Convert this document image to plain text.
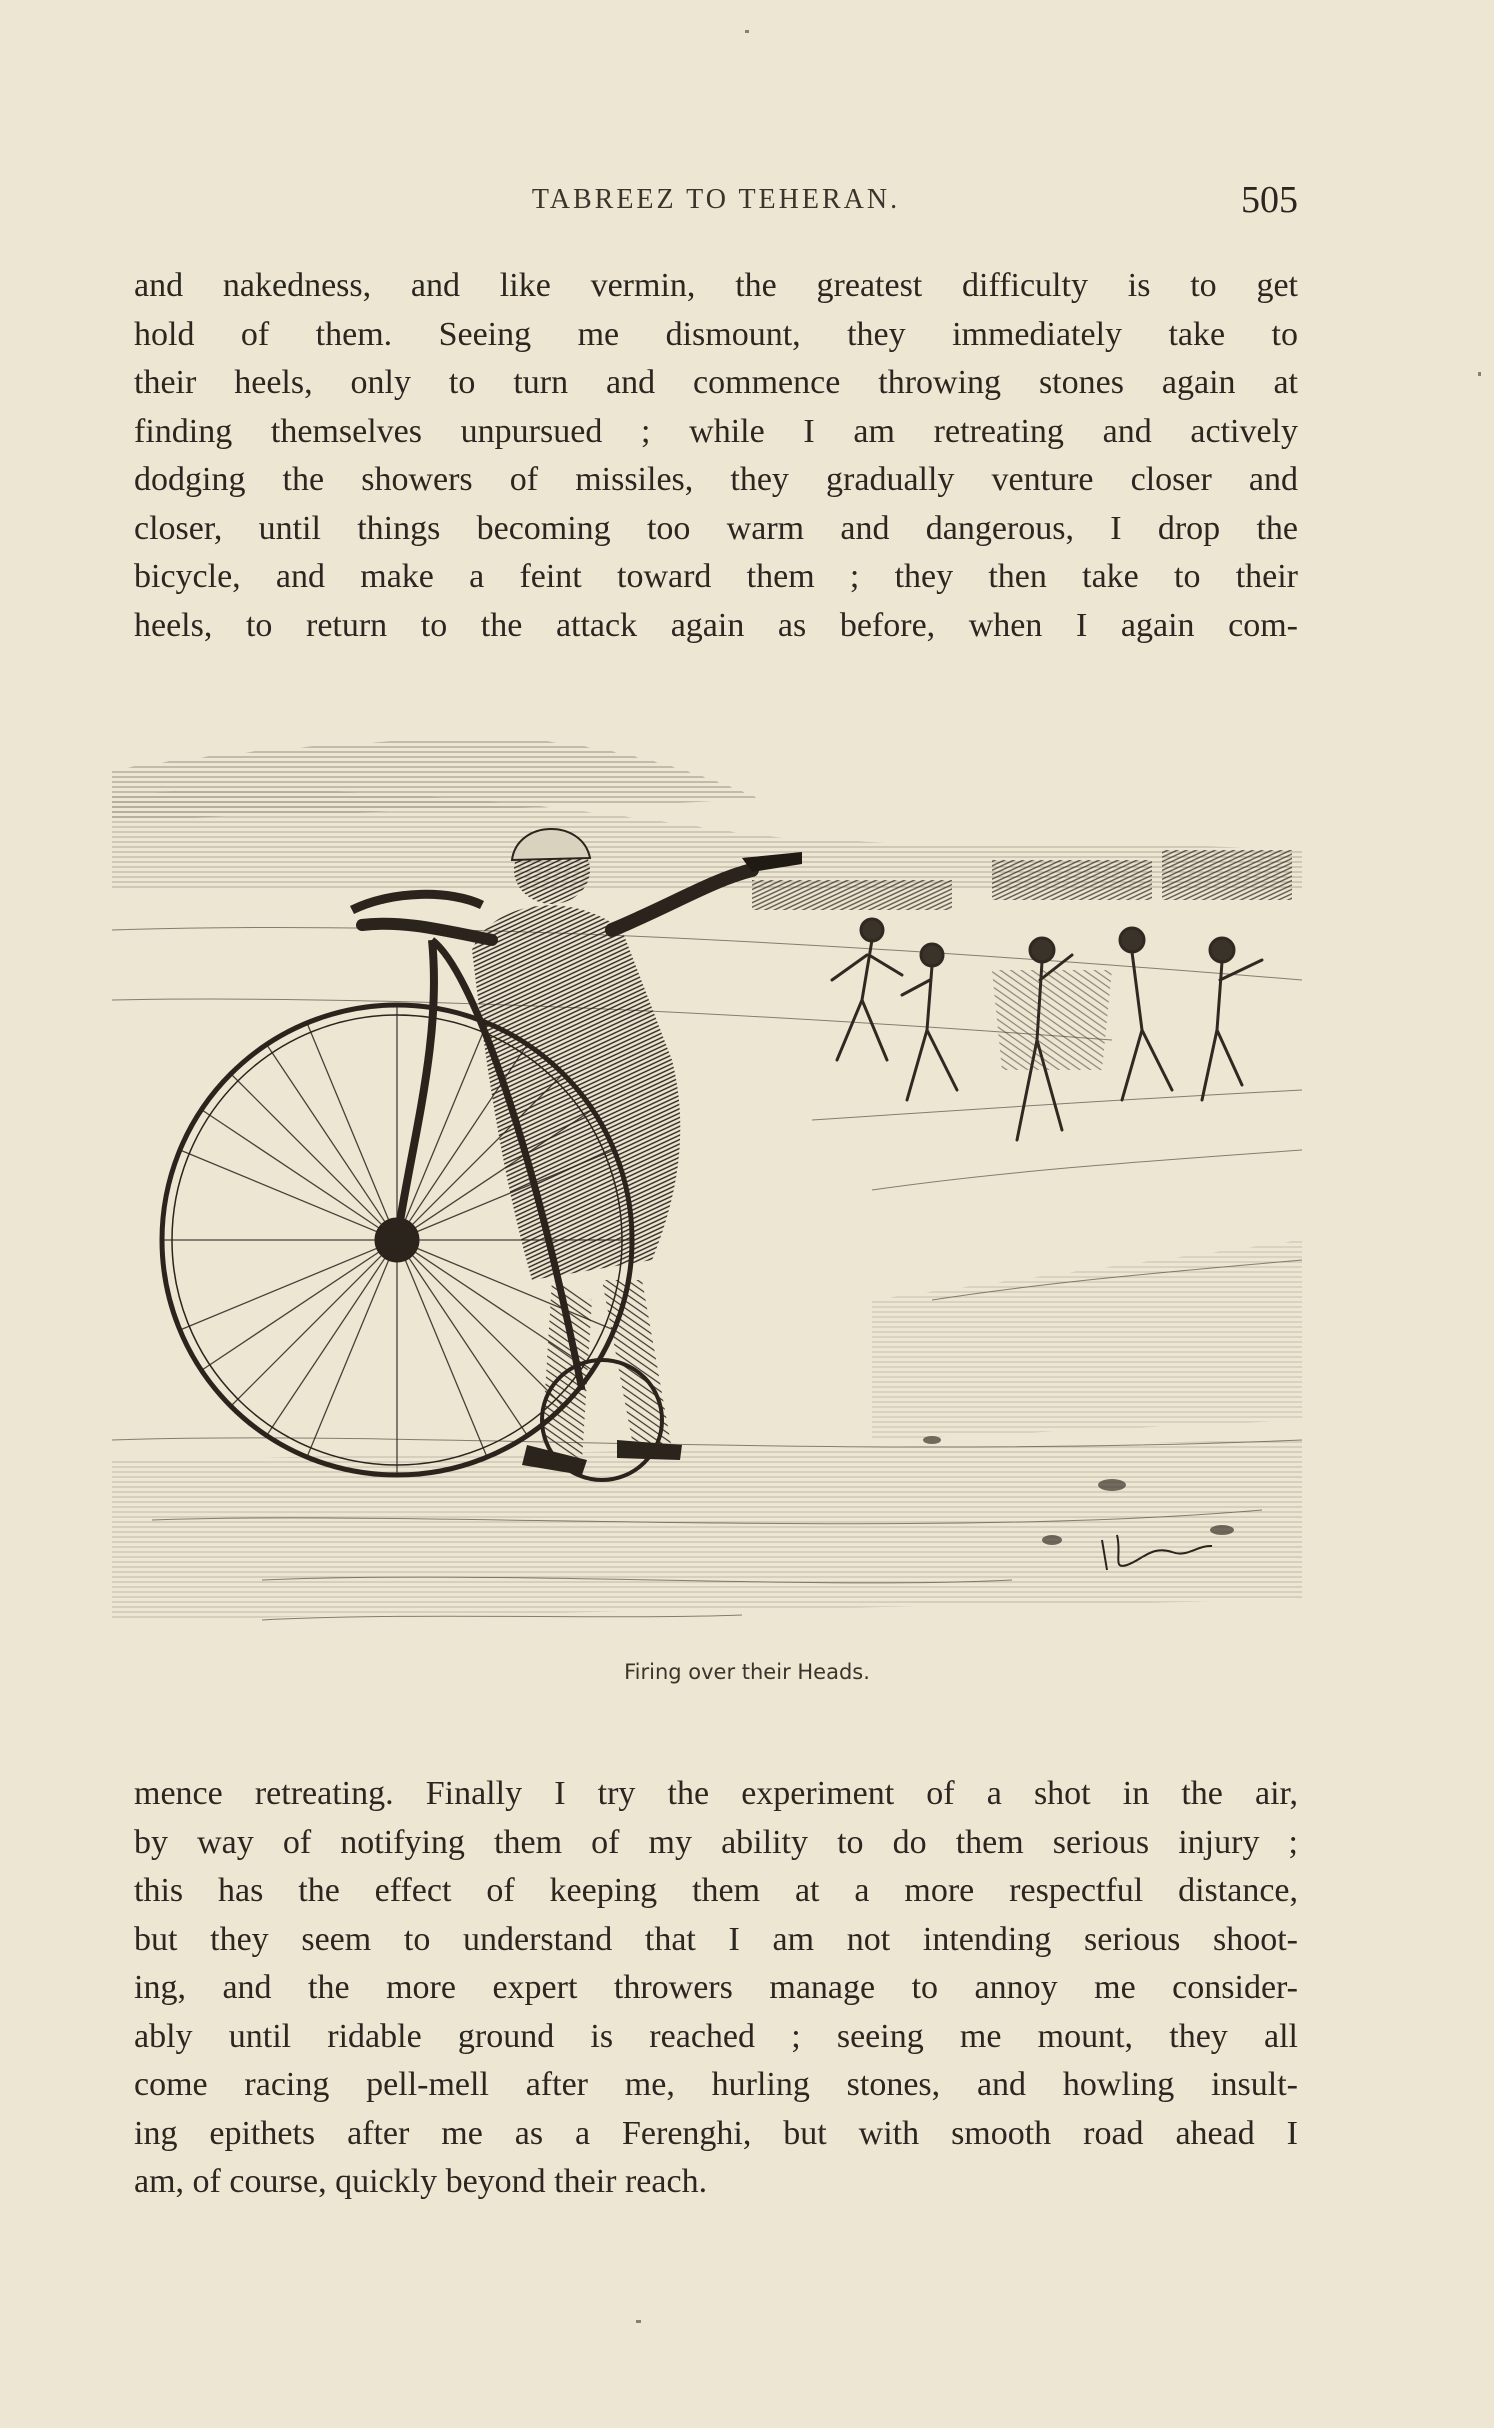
TABREEZ TO TEHERAN.	505
and nakedness, and like vermin, the greatest difficulty is to get
hold of them. Seeing me dismount, they immediately take to
their heels, only to turn and commence throwing stones again at
finding themselves unpursued ; while I am retreating and actively
dodging the showers of missiles, they gradually venture closer and
closer, until things becoming too warm and dangerous, I drop the
bicycle, and make a feint toward them ; they then take to their
heels, to return to the attack again as before, when I again com-
Firing over their Heads.
mence retreating. Finally I try the experiment of a shot in the air,
by way of notifying them of my ability to do them serious injury ;
this has the effect of keeping them at a more respectful distance,
but they seem to understand that I am not intending serious shoot-
ing, and the more expert throwers manage to annoy me consider-
ably until ridable ground is reached ; seeing me mount, they all
come racing pell-mell after me, hurling stones, and howling insult-
ing epithets after me as a Ferenghi, but with smooth road ahead I
am, of course, quickly beyond their reach.
